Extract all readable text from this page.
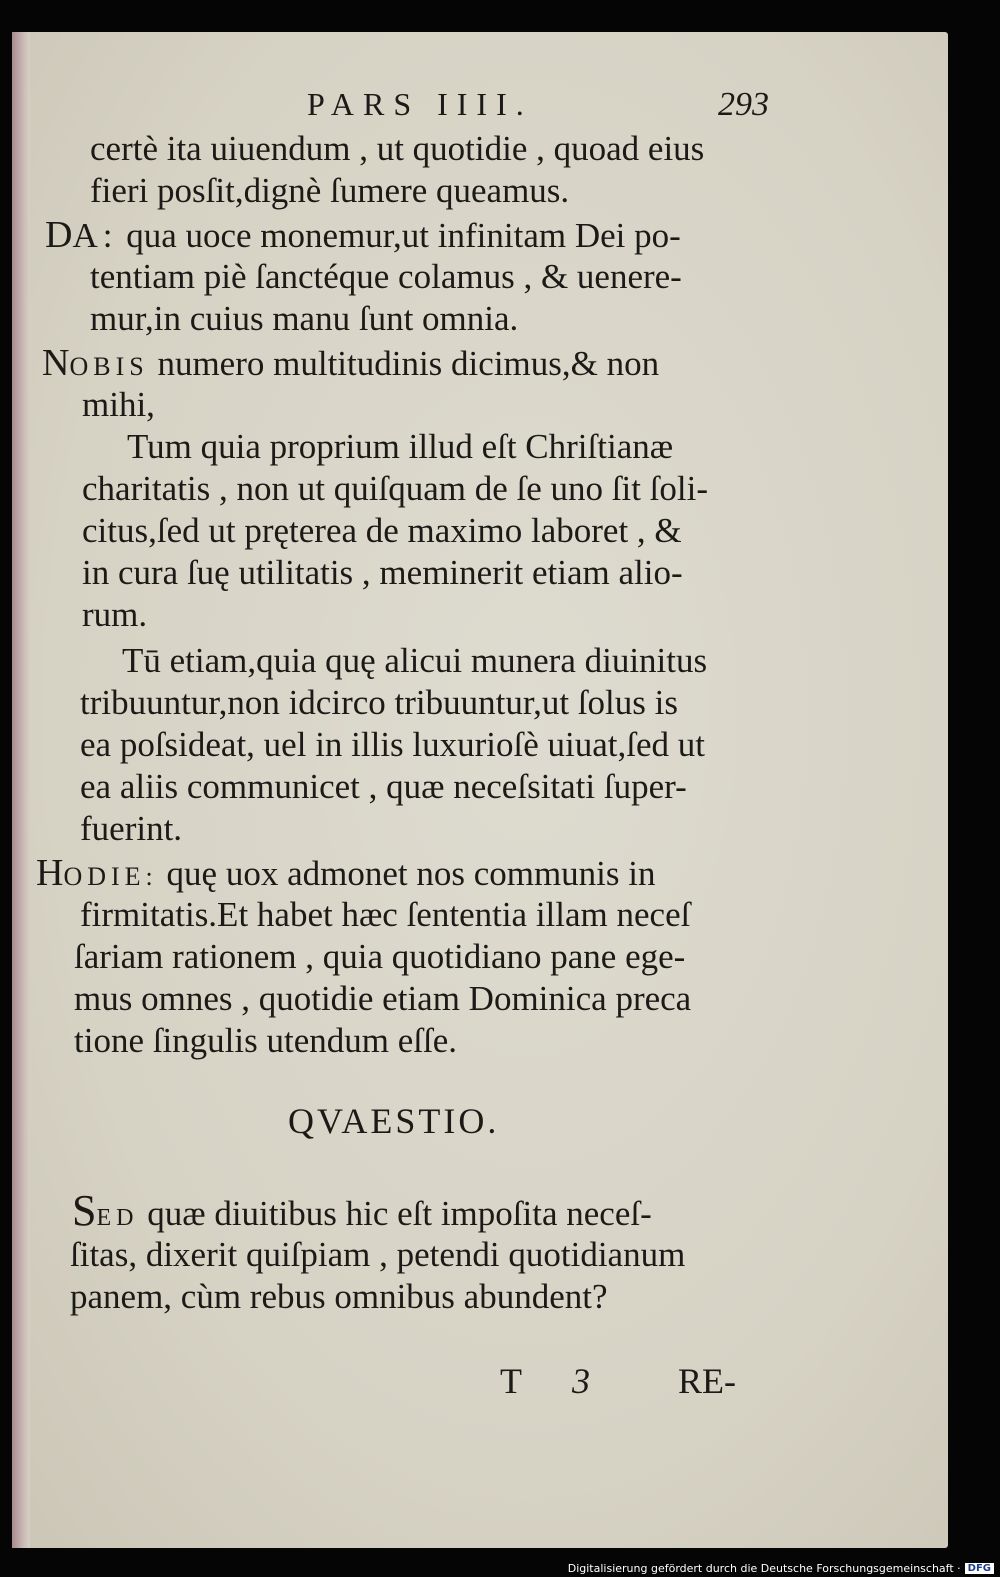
PARS IIII.	293
certè ita uiuendum , ut quotidie , quoad eius
fieri posſit,dignè ſumere queamus.
DA: qua uoce monemur,ut infinitam Dei po-
tentiam piè ſanctéque colamus , & uenere-
mur,in cuius manu ſunt omnia.
NOBIS numero multitudinis dicimus,& non
mihi,
Tum quia proprium illud eſt Chriſtianæ
charitatis , non ut quiſquam de ſe uno ſit ſoli-
citus,ſed ut pręterea de maximo laboret , &
in cura ſuę utilitatis , meminerit etiam alio-
rum.
Tū etiam,quia quę alicui munera diuinitus
tribuuntur,non idcirco tribuuntur,ut ſolus is
ea poſsideat, uel in illis luxurioſè uiuat,ſed ut
ea aliis communicet , quæ neceſsitati ſuper-
fuerint.
HODIE: quę uox admonet nos communis in
firmitatis.Et habet hæc ſententia illam neceſ
ſariam rationem , quia quotidiano pane ege-
mus omnes , quotidie etiam Dominica preca
tione ſingulis utendum eſſe.
QVAESTIO.
SED quæ diuitibus hic eſt impoſita neceſ-
ſitas, dixerit quiſpiam , petendi quotidianum
panem, cùm rebus omnibus abundent?
T 3 RE-
Digitalisierung gefördert durch die Deutsche Forschungsgemeinschaft · DFG
